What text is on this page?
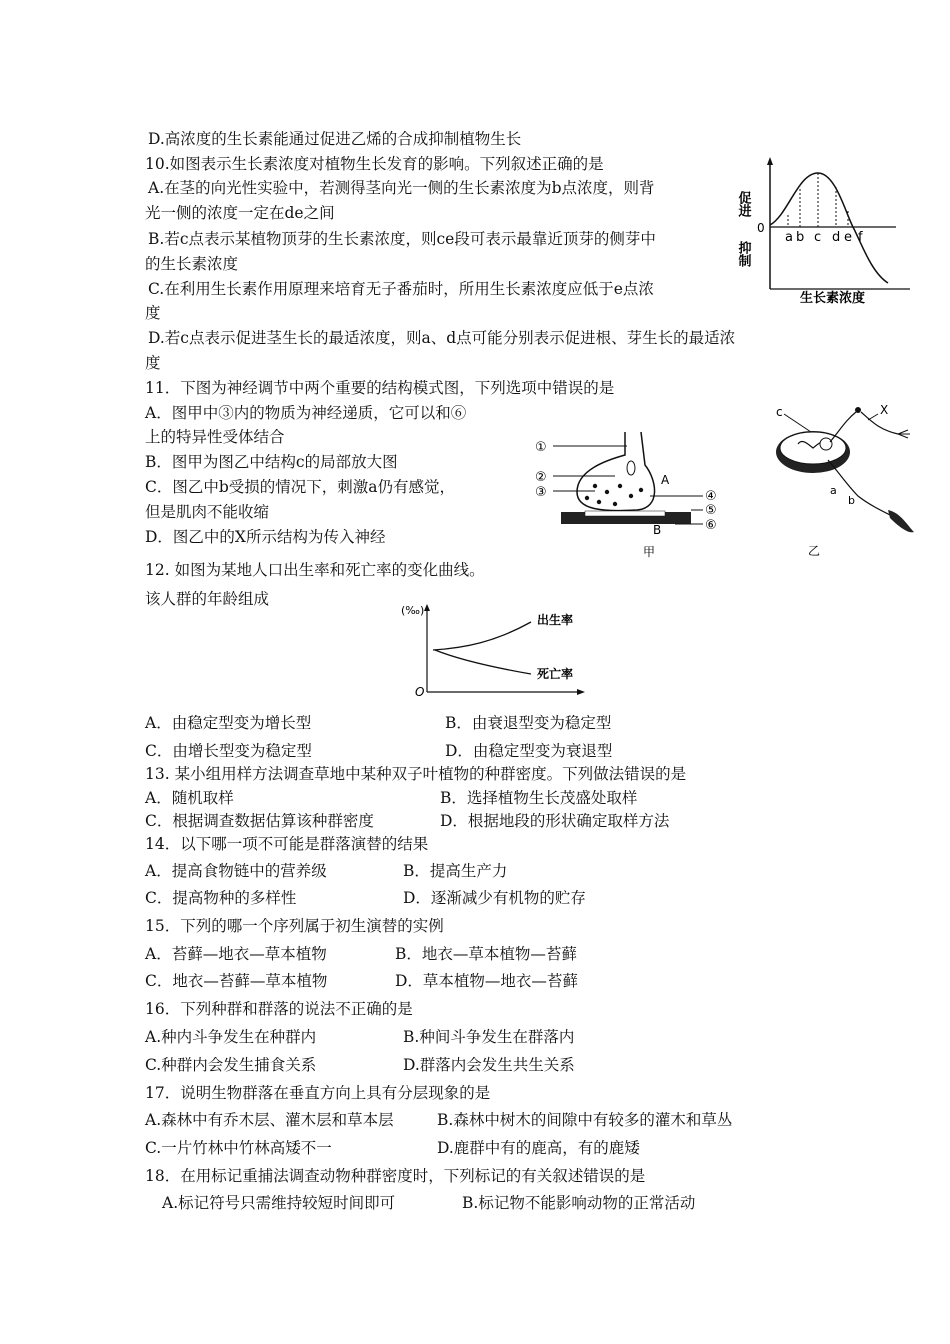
D.高浓度的生长素能通过促进乙烯的合成抑制植物生长
10.如图表示生长素浓度对植物生长发育的影响。下列叙述正确的是
A.在茎的向光性实验中，若测得茎向光一侧的生长素浓度为b点浓度，则背
光一侧的浓度一定在de之间
B.若c点表示某植物顶芽的生长素浓度，则ce段可表示最靠近顶芽的侧芽中
的生长素浓度
C.在利用生长素作用原理来培育无子番茄时，所用生长素浓度应低于e点浓
度
D.若c点表示促进茎生长的最适浓度，则a、d点可能分别表示促进根、芽生长的最适浓
度
11．下图为神经调节中两个重要的结构模式图，下列选项中错误的是
A．图甲中③内的物质为神经递质，它可以和⑥
上的特异性受体结合
B．图甲为图乙中结构c的局部放大图
C．图乙中b受损的情况下，刺激a仍有感觉，
但是肌肉不能收缩
D．图乙中的X所示结构为传入神经
12. 如图为某地人口出生率和死亡率的变化曲线。
该人群的年龄组成
A．由稳定型变为增长型	B．由衰退型变为稳定型
C．由增长型变为稳定型	D．由稳定型变为衰退型
13. 某小组用样方法调查草地中某种双子叶植物的种群密度。下列做法错误的是
A．随机取样	B．选择植物生长茂盛处取样
C．根据调查数据估算该种群密度	D．根据地段的形状确定取样方法
14．以下哪一项不可能是群落演替的结果
A．提高食物链中的营养级	B．提高生产力
C．提高物种的多样性	D．逐渐减少有机物的贮存
15．下列的哪一个序列属于初生演替的实例
A．苔藓—地衣—草本植物	B．地衣—草本植物—苔藓
C．地衣—苔藓—草本植物	D．草本植物—地衣—苔藓
16．下列种群和群落的说法不正确的是
A.种内斗争发生在种群内	B.种间斗争发生在群落内
C.种群内会发生捕食关系	D.群落内会发生共生关系
17．说明生物群落在垂直方向上具有分层现象的是
A.森林中有乔木层、灌木层和草本层	B.森林中树木的间隙中有较多的灌木和草丛
C.一片竹林中竹林高矮不一	D.鹿群中有的鹿高，有的鹿矮
18．在用标记重捕法调查动物种群密度时，下列标记的有关叙述错误的是
A.标记符号只需维持较短时间即可	B.标记物不能影响动物的正常活动
促进
0
抑制
a b c d e f
生长素浓度
①
②
③
A
B
④
⑤
⑥
甲
c	X
a
b
乙
(‰)
O
出生率
死亡率
